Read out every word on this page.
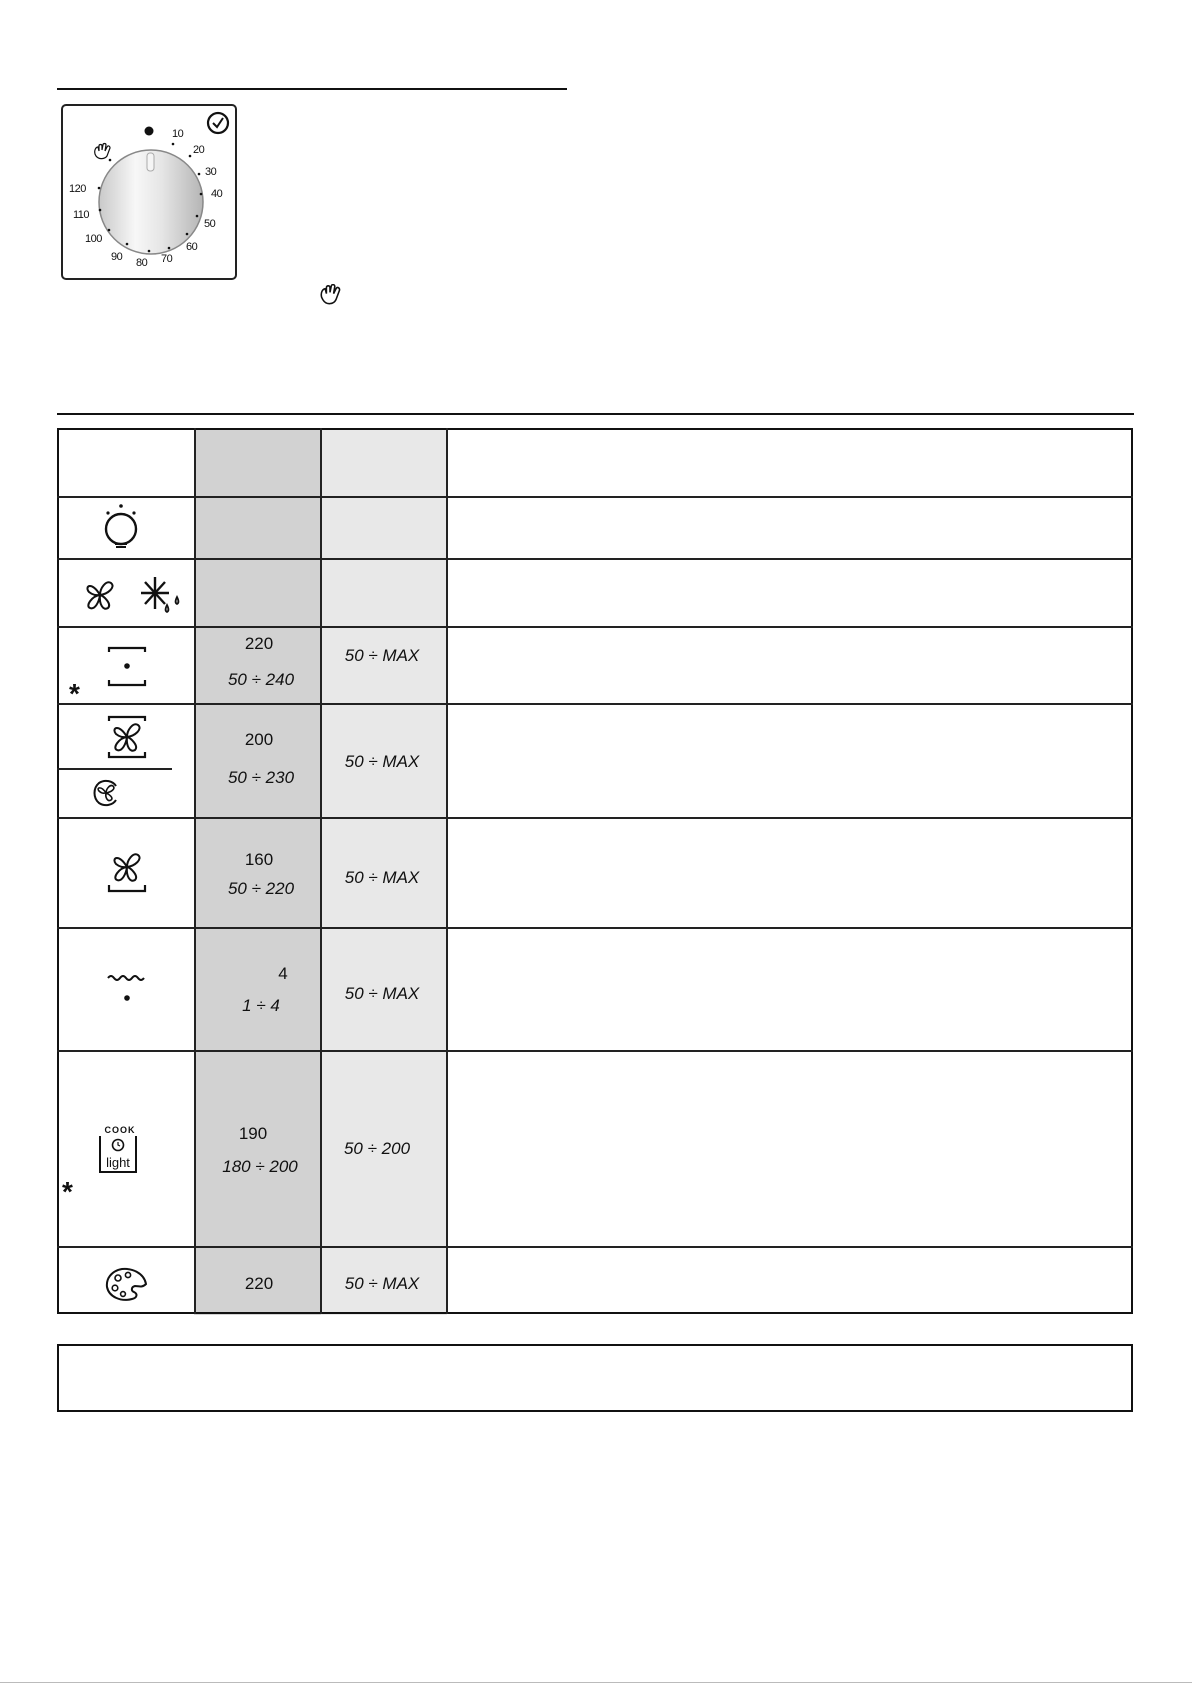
10
20
30
40
50
60
70
80
90
100
110
120
*
220
50 ÷ 240
50 ÷ MAX
200
50 ÷ 230
50 ÷ MAX
160
50 ÷ 220
50 ÷ MAX
4
1 ÷ 4
50 ÷ MAX
COOK
light
*
190
180 ÷ 200
50 ÷ 200
220	50 ÷ MAX
